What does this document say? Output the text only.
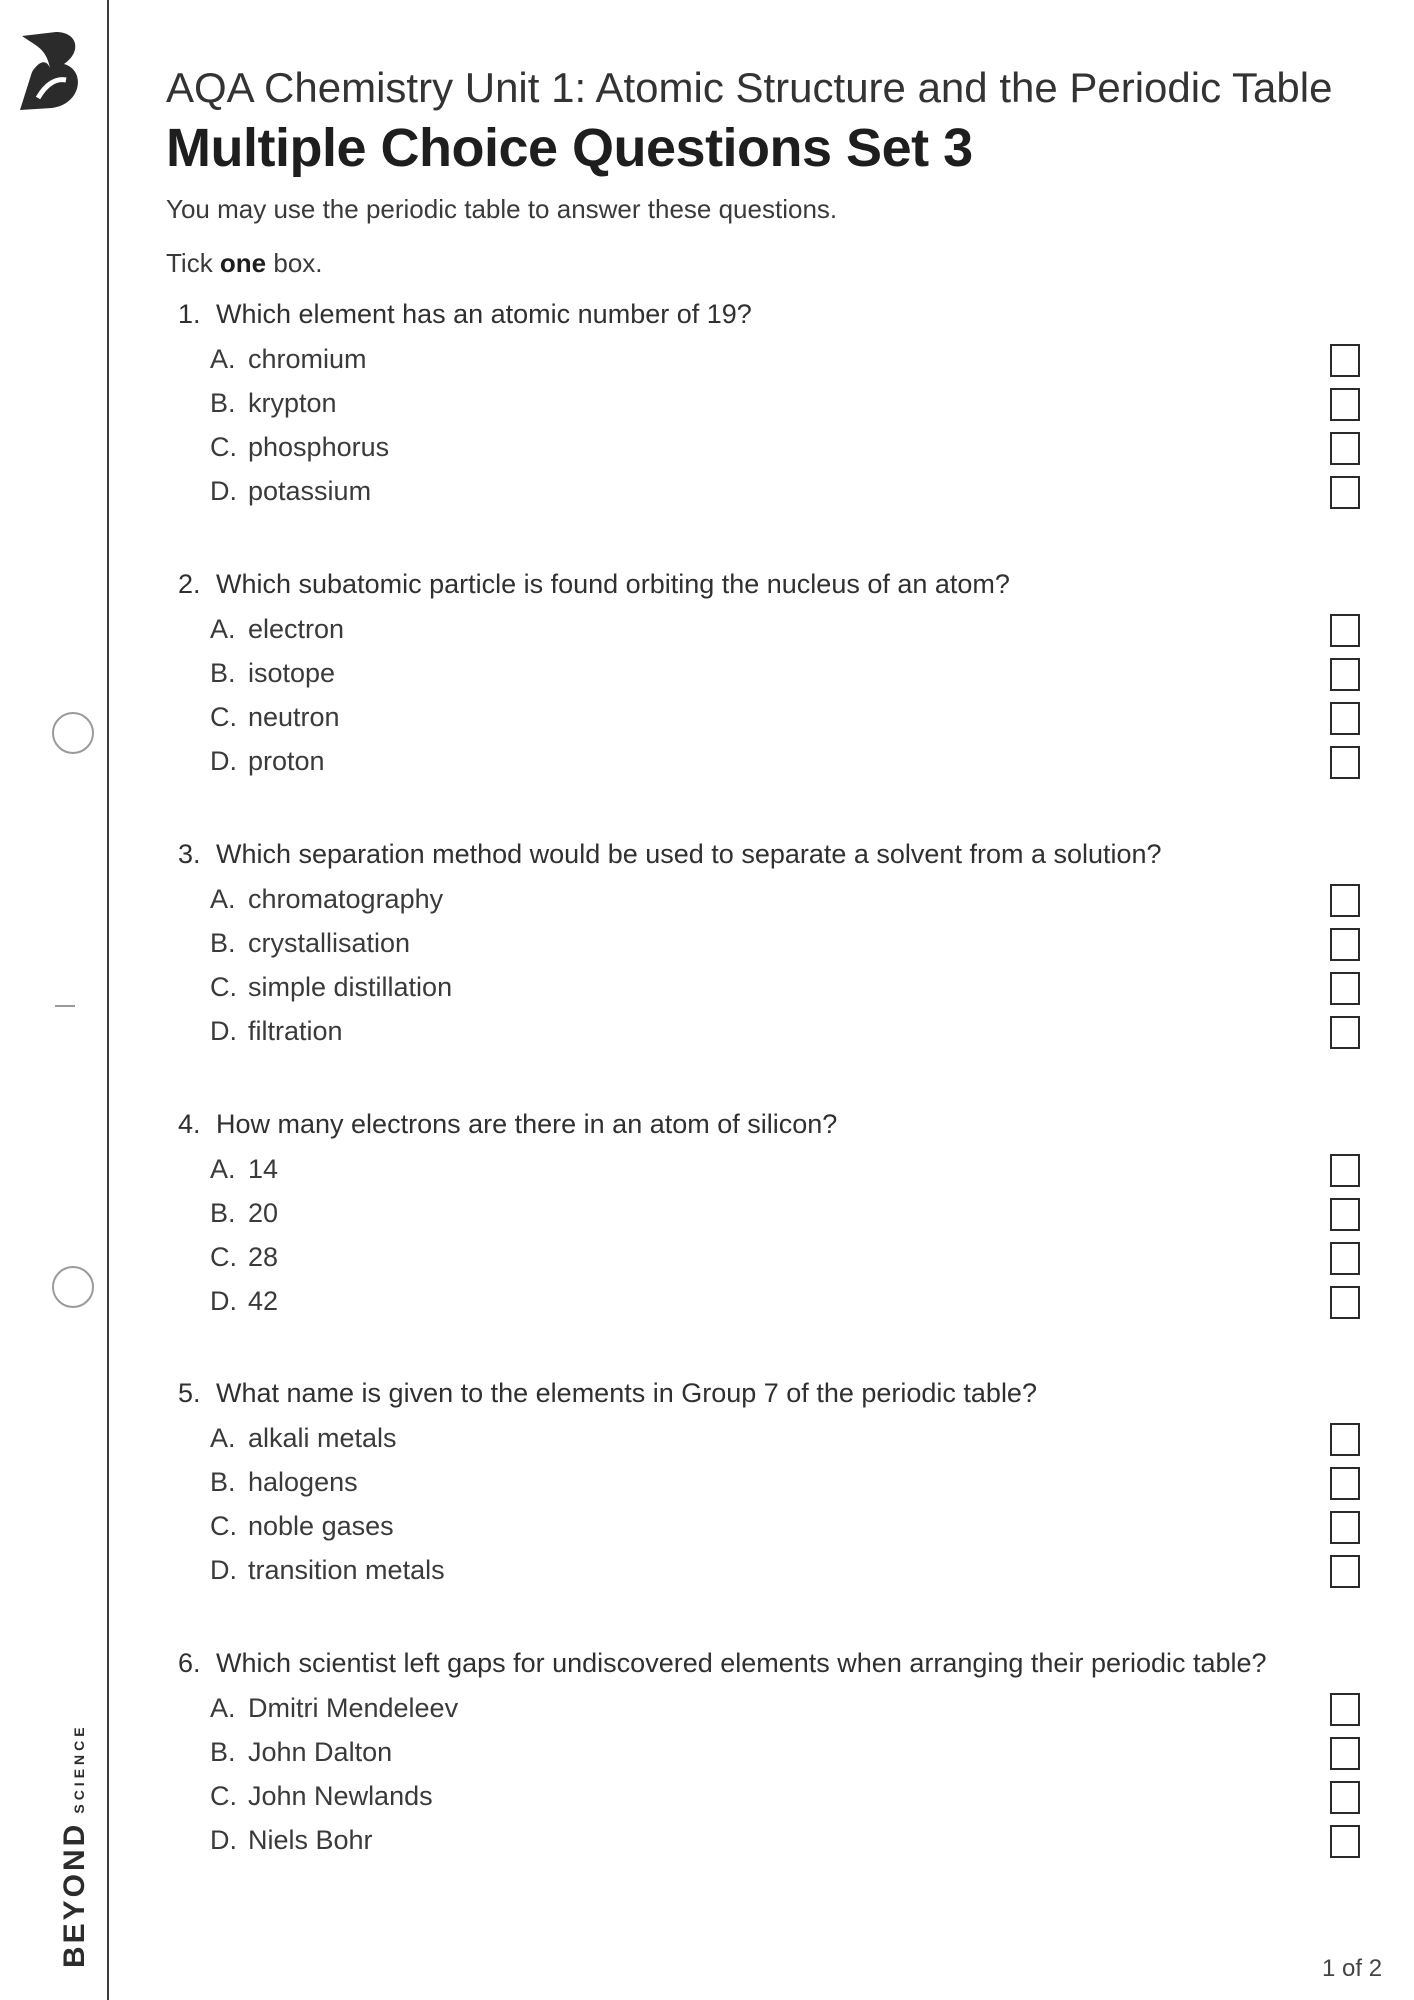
BEYONDSCIENCE

AQA Chemistry Unit 1: Atomic Structure and the Periodic Table

Multiple Choice Questions Set 3

You may use the periodic table to answer these questions.
Tick one box.
1. Which element has an atomic number of 19?
A. chromium
B. krypton
C. phosphorus
D. potassium
2. Which subatomic particle is found orbiting the nucleus of an atom?
A. electron
B. isotope
C. neutron
D. proton
3. Which separation method would be used to separate a solvent from a solution?
A. chromatography
B. crystallisation
C. simple distillation
D. filtration
4. How many electrons are there in an atom of silicon?
A. 14
B. 20
C. 28
D. 42
5. What name is given to the elements in Group 7 of the periodic table?
A. alkali metals
B. halogens
C. noble gases
D. transition metals
6. Which scientist left gaps for undiscovered elements when arranging their periodic table?
A. Dmitri Mendeleev
B. John Dalton
C. John Newlands
D. Niels Bohr
1 of 2
